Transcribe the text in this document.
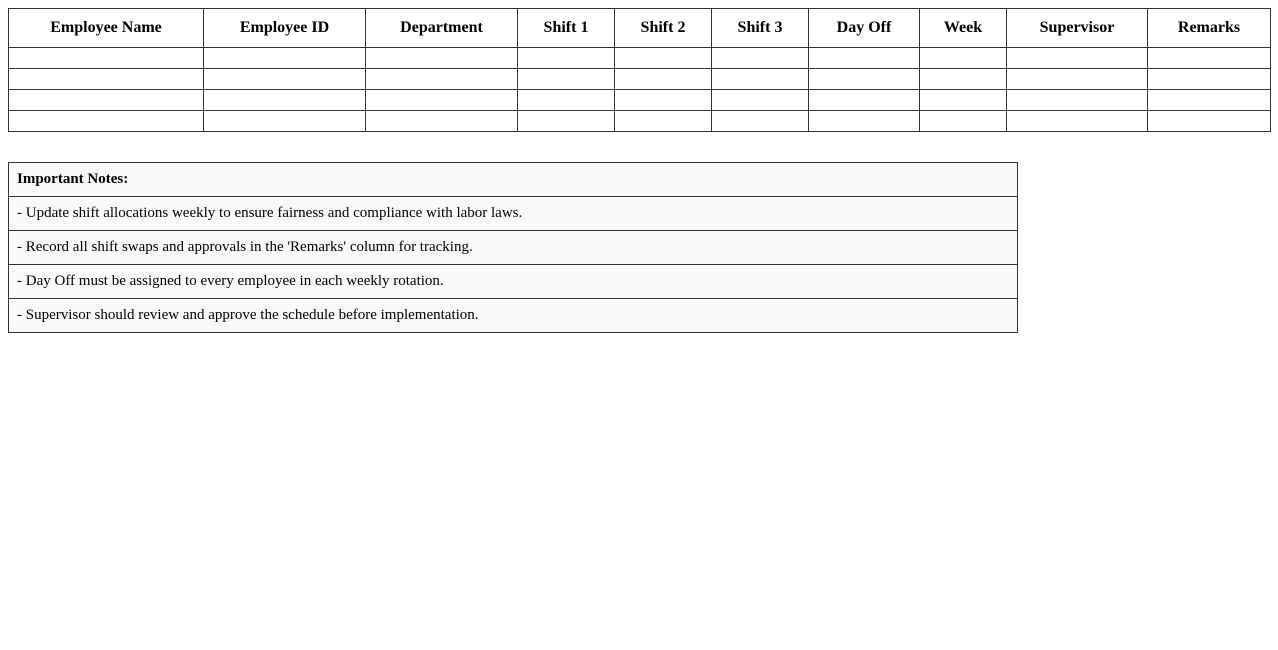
Employee Name	Employee ID	Department	Shift 1	Shift 2	Shift 3	Day Off	Week	Supervisor	Remarks

Important Notes:
- Update shift allocations weekly to ensure fairness and compliance with labor laws.
- Record all shift swaps and approvals in the 'Remarks' column for tracking.
- Day Off must be assigned to every employee in each weekly rotation.
- Supervisor should review and approve the schedule before implementation.
